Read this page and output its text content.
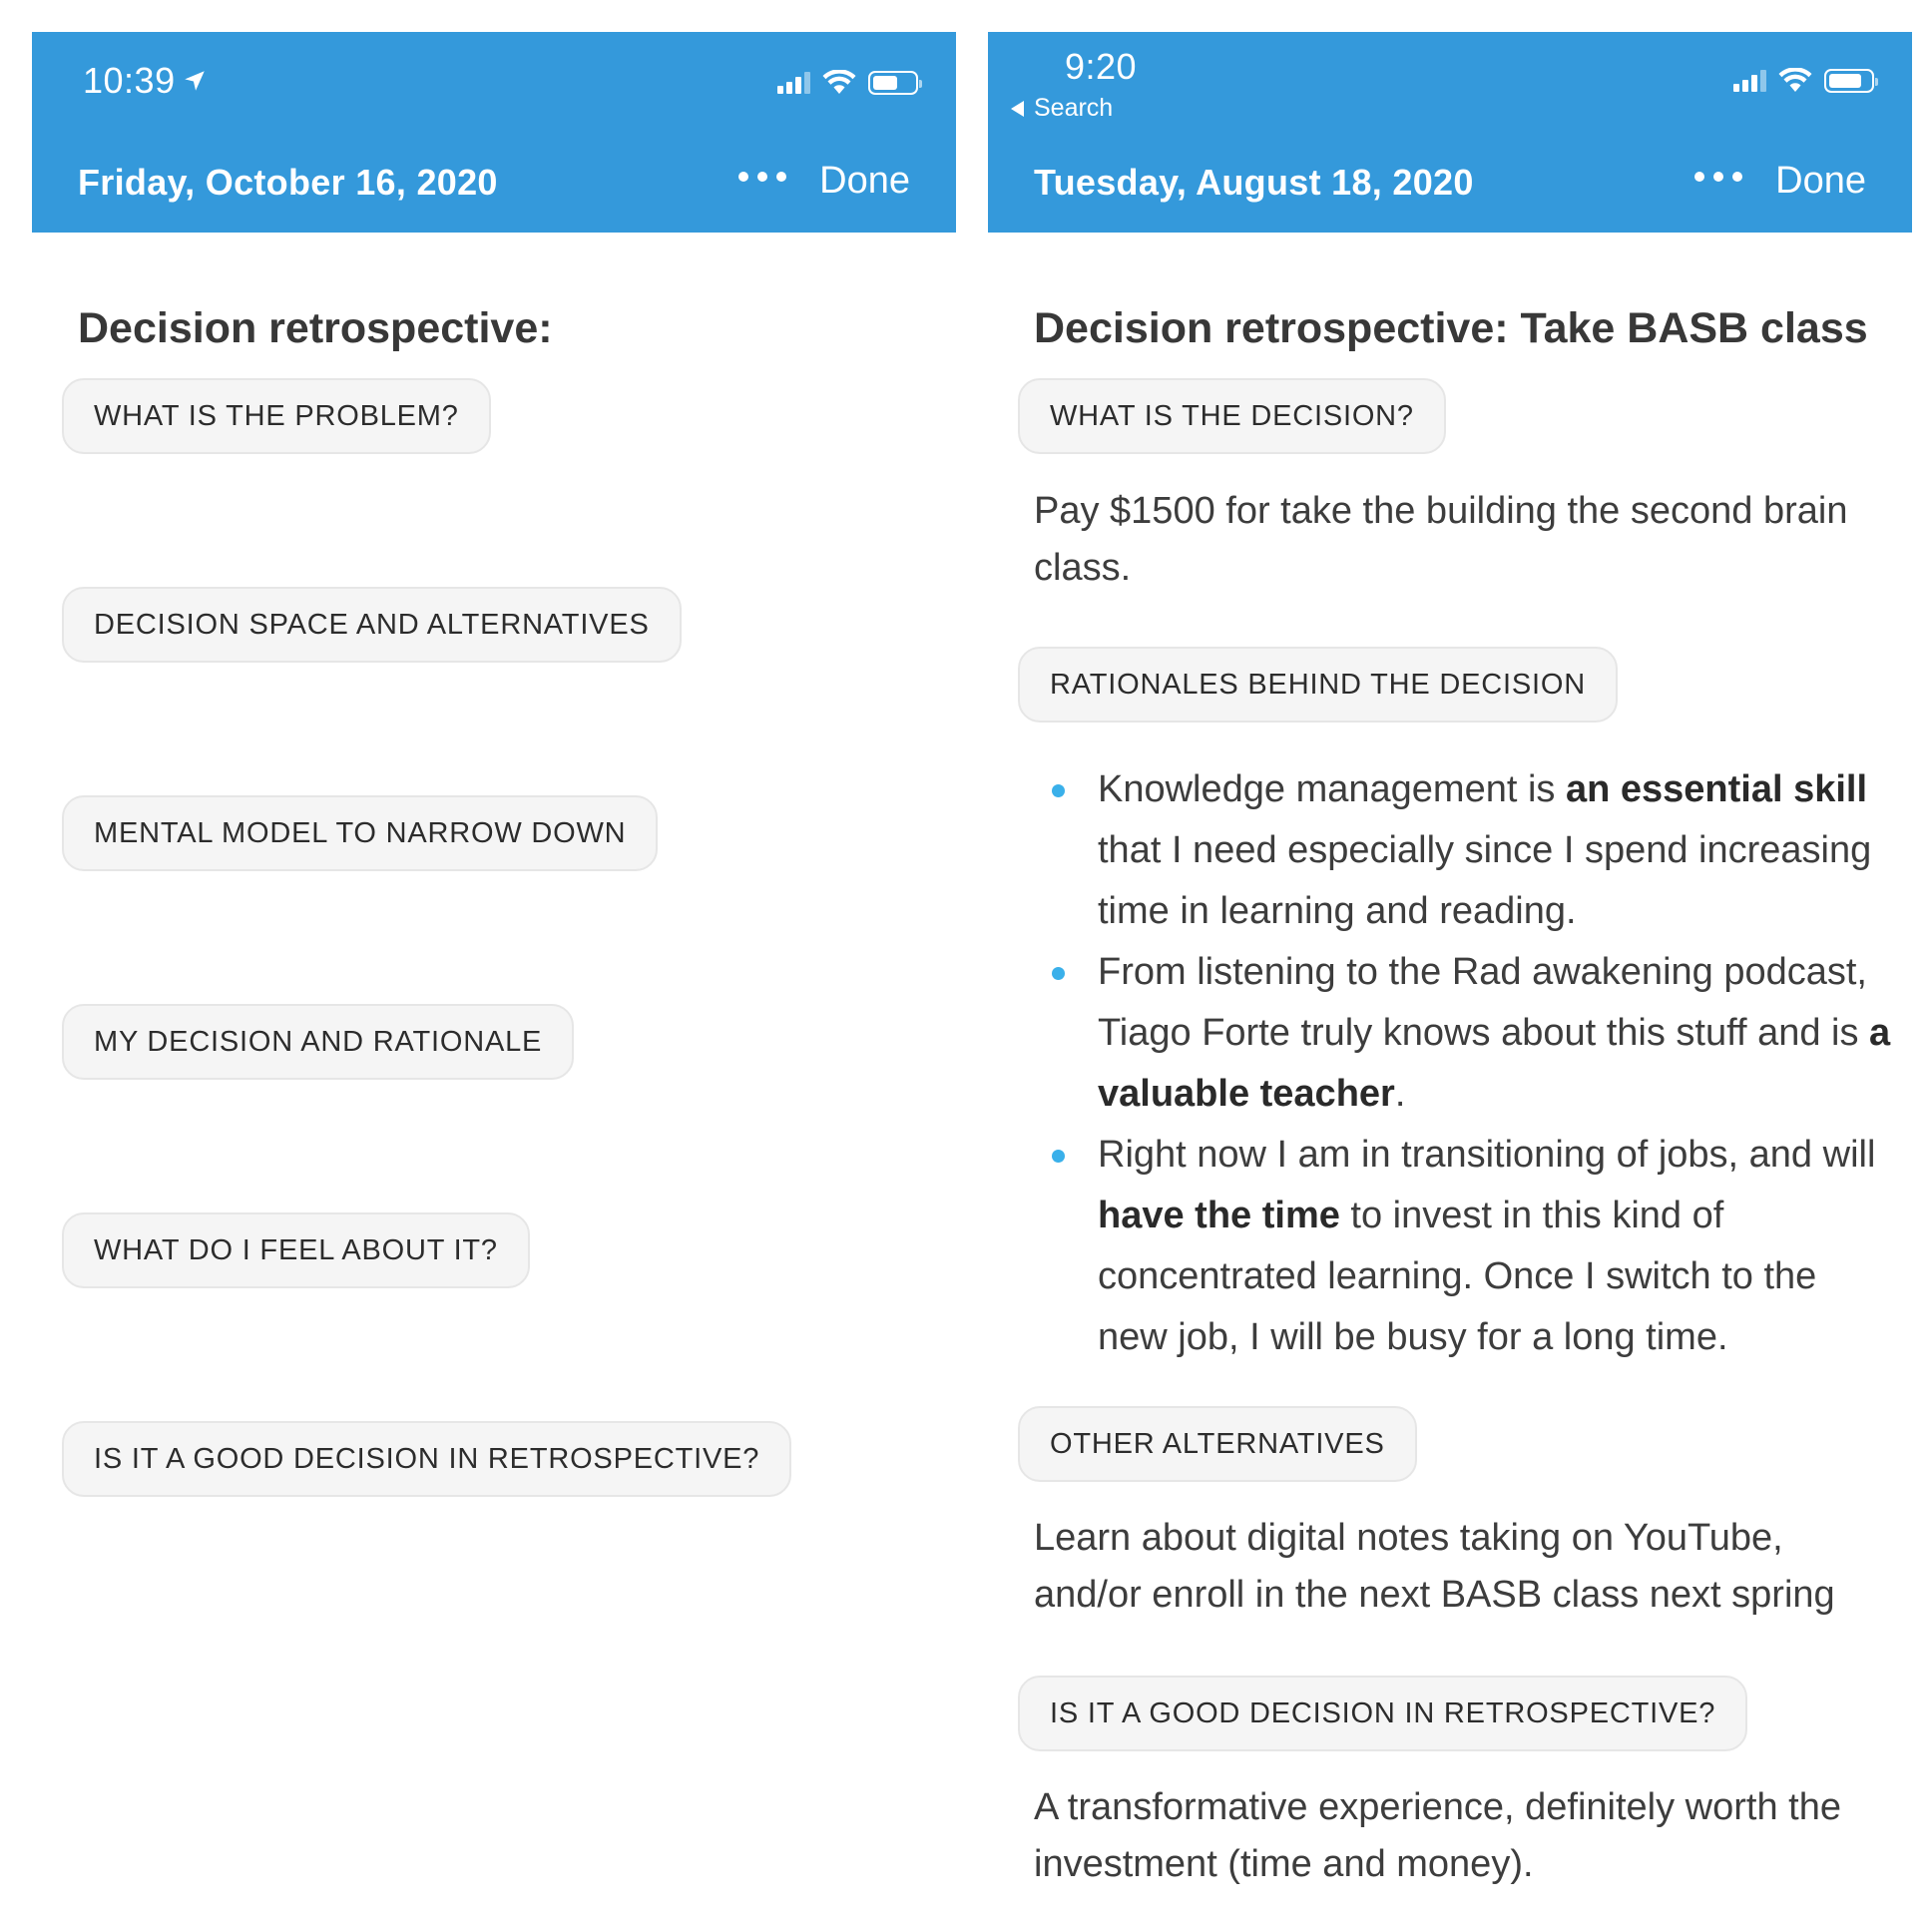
10:39
Friday, October 16, 2020	Done
Decision retrospective:
WHAT IS THE PROBLEM?
DECISION SPACE AND ALTERNATIVES
MENTAL MODEL TO NARROW DOWN
MY DECISION AND RATIONALE
WHAT DO I FEEL ABOUT IT?
IS IT A GOOD DECISION IN RETROSPECTIVE?
9:20
Search
Tuesday, August 18, 2020	Done
Decision retrospective: Take BASB class
WHAT IS THE DECISION?
Pay $1500 for take the building the second brain class.
RATIONALES BEHIND THE DECISION
Knowledge management is an essential skill that I need especially since I spend increasing time in learning and reading.
From listening to the Rad awakening podcast, Tiago Forte truly knows about this stuff and is a valuable teacher.
Right now I am in transitioning of jobs, and will have the time to invest in this kind of concentrated learning. Once I switch to the new job, I will be busy for a long time.
OTHER ALTERNATIVES
Learn about digital notes taking on YouTube, and/or enroll in the next BASB class next spring
IS IT A GOOD DECISION IN RETROSPECTIVE?
A transformative experience, definitely worth the investment (time and money).
